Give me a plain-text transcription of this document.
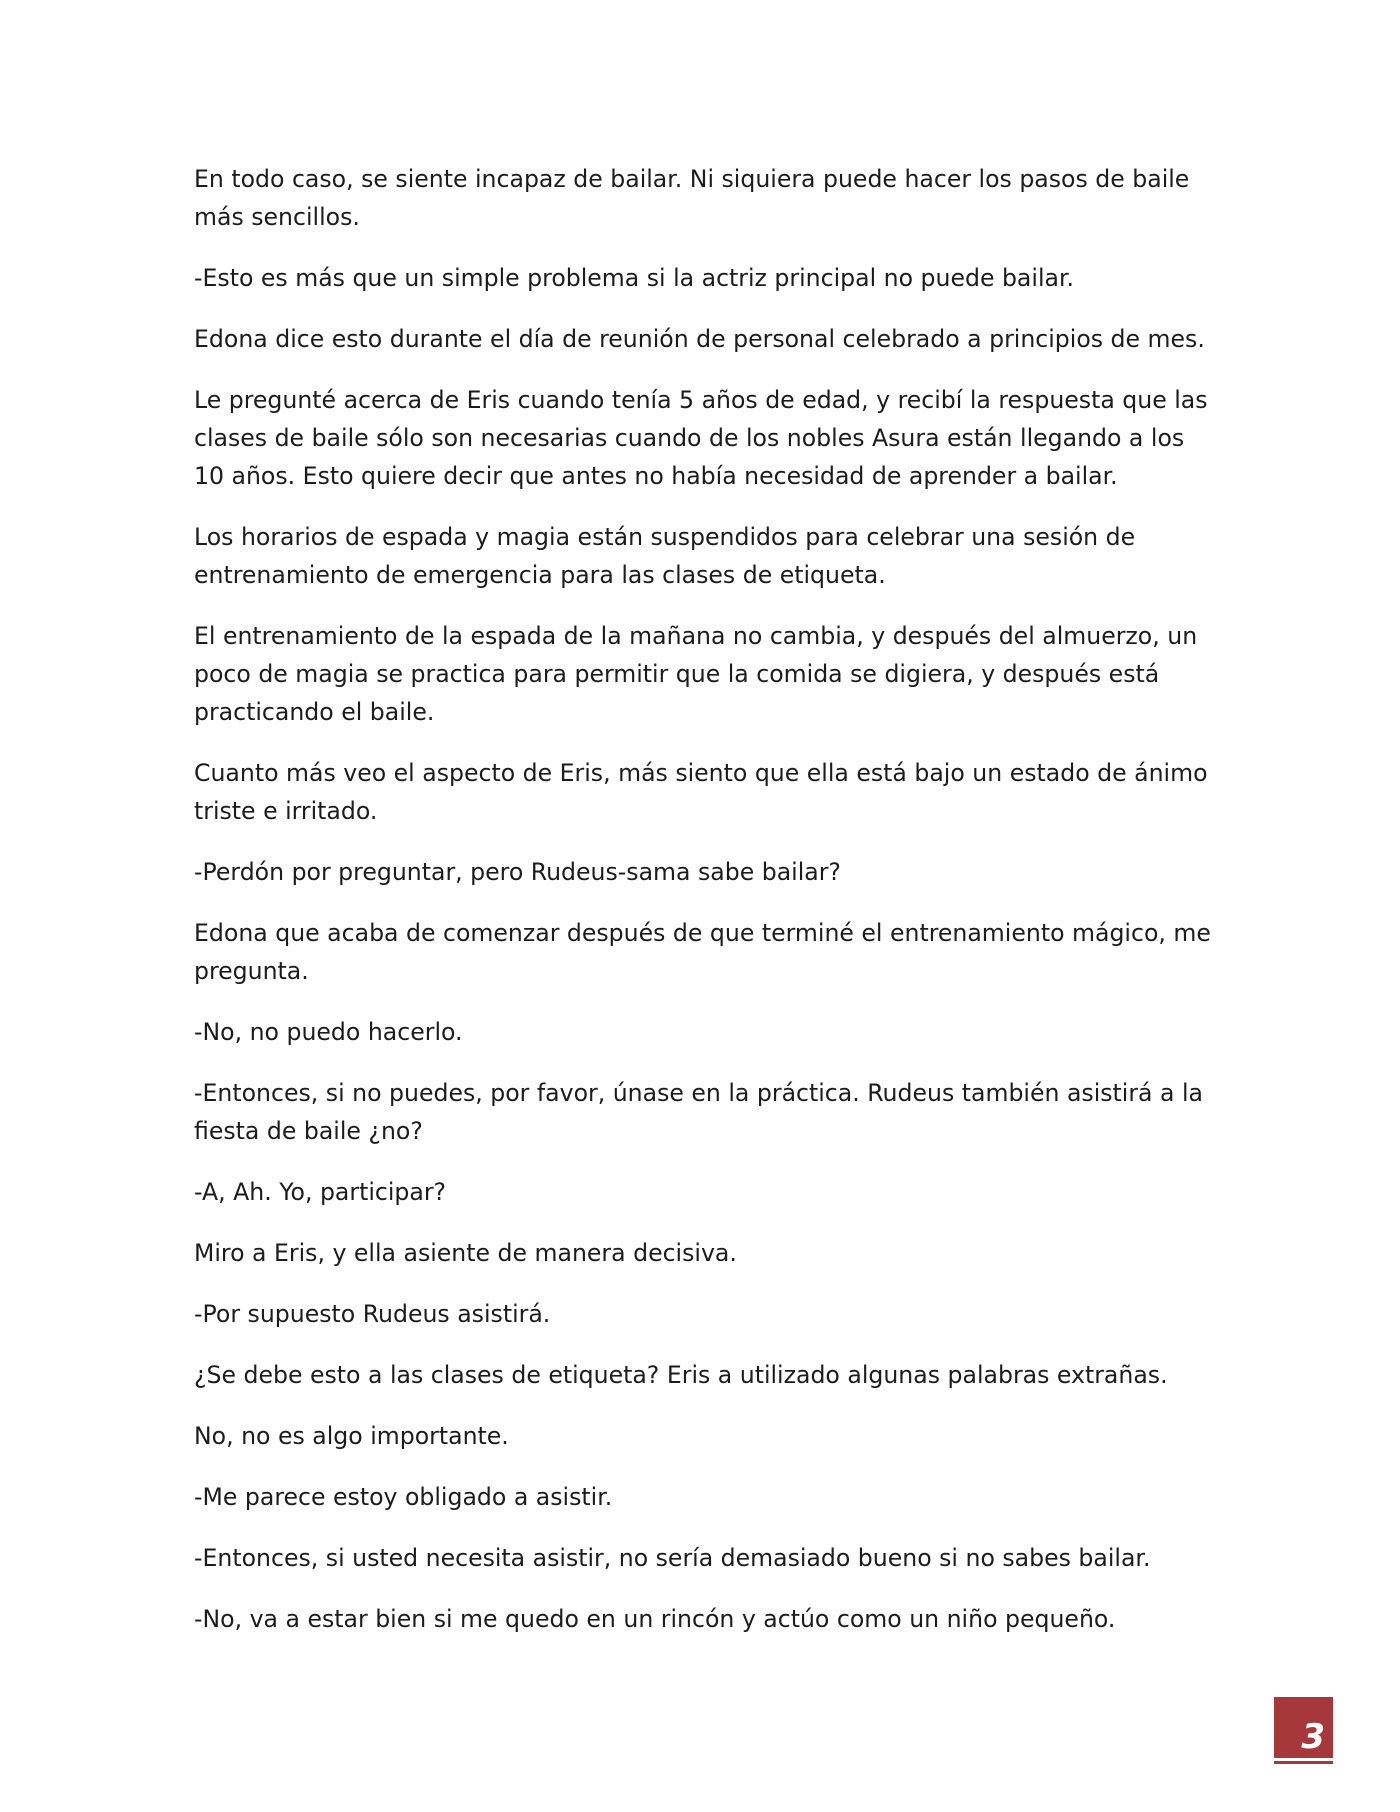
En todo caso, se siente incapaz de bailar. Ni siquiera puede hacer los pasos de baile más sencillos.

-Esto es más que un simple problema si la actriz principal no puede bailar.

Edona dice esto durante el día de reunión de personal celebrado a principios de mes.

Le pregunté acerca de Eris cuando tenía 5 años de edad, y recibí la respuesta que las clases de baile sólo son necesarias cuando de los nobles Asura están llegando a los 10 años. Esto quiere decir que antes no había necesidad de aprender a bailar.

Los horarios de espada y magia están suspendidos para celebrar una sesión de entrenamiento de emergencia para las clases de etiqueta.

El entrenamiento de la espada de la mañana no cambia, y después del almuerzo, un poco de magia se practica para permitir que la comida se digiera, y después está practicando el baile.

Cuanto más veo el aspecto de Eris, más siento que ella está bajo un estado de ánimo triste e irritado.

-Perdón por preguntar, pero Rudeus-sama sabe bailar?

Edona que acaba de comenzar después de que terminé el entrenamiento mágico, me pregunta.

-No, no puedo hacerlo.

-Entonces, si no puedes, por favor, únase en la práctica. Rudeus también asistirá a la fiesta de baile ¿no?

-A, Ah. Yo, participar?

Miro a Eris, y ella asiente de manera decisiva.

-Por supuesto Rudeus asistirá.

¿Se debe esto a las clases de etiqueta? Eris a utilizado algunas palabras extrañas.

No, no es algo importante.

-Me parece estoy obligado a asistir.

-Entonces, si usted necesita asistir, no sería demasiado bueno si no sabes bailar.

-No, va a estar bien si me quedo en un rincón y actúo como un niño pequeño.

3
